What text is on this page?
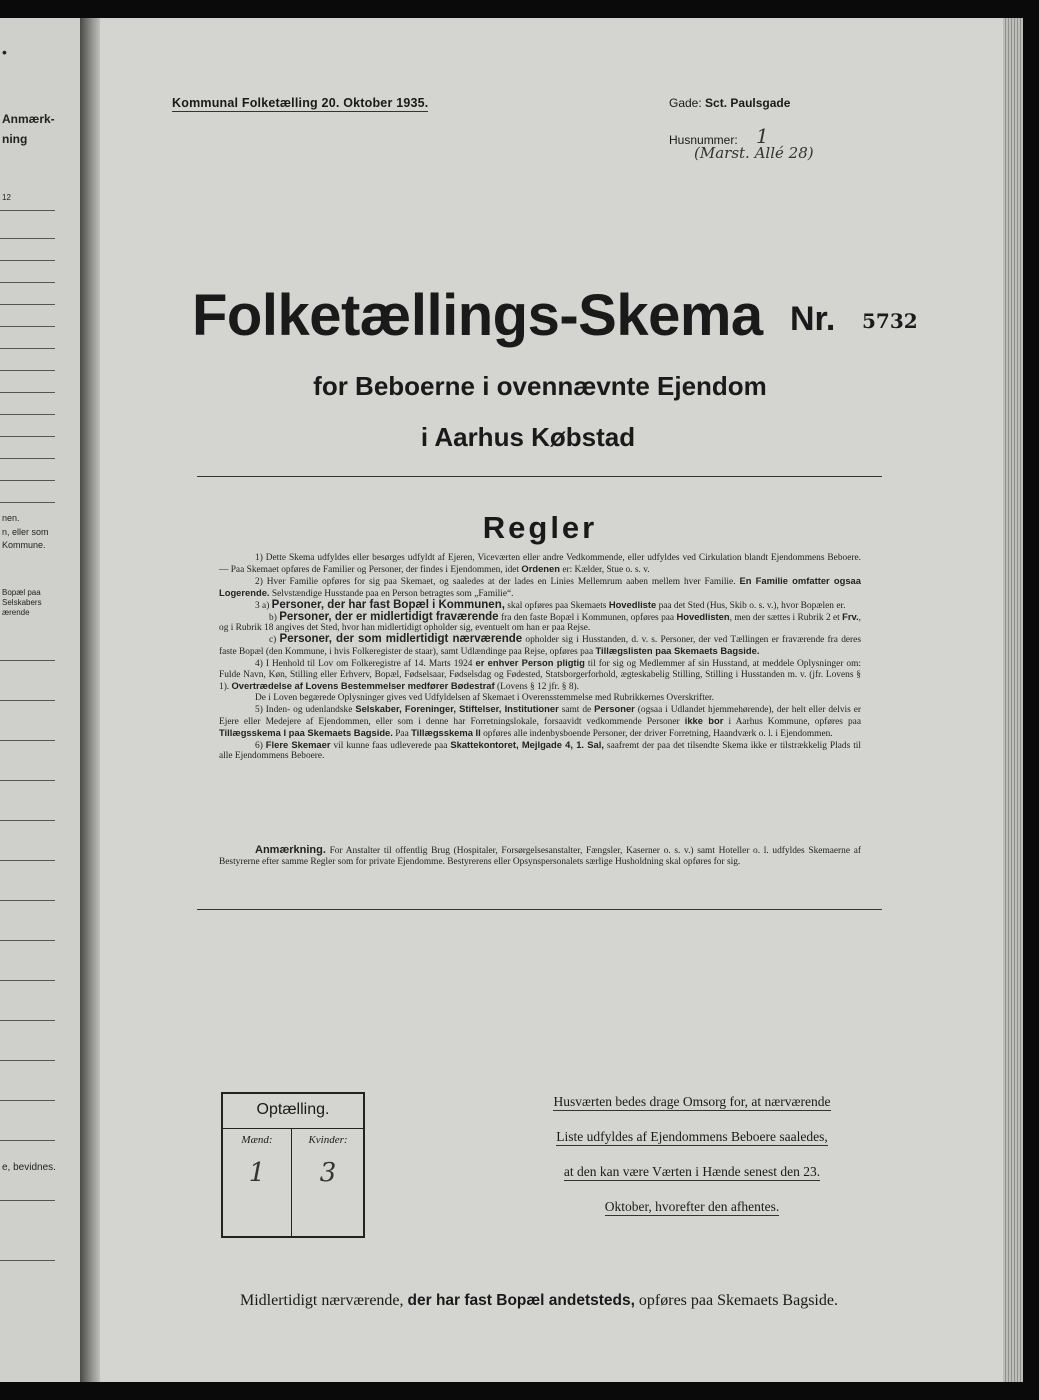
•
Anmærk-
ning
12
nen.
n, eller som
Kommune.
Bopæl paa
Selskabers
ærende
e, bevidnes.
Kommunal Folketælling 20. Oktober 1935.	Gade: Sct. Paulsgade
Husnummer: 1
(Marst. Allé 28)
Folketællings-Skema Nr. 5732
for Beboerne i ovennævnte Ejendom
i Aarhus Købstad
Regler

1) Dette Skema udfyldes eller besørges udfyldt af Ejeren, Viceværten eller andre Vedkommende, eller udfyldes ved Cirkulation blandt Ejendommens Beboere. — Paa Skemaet opføres de Familier og Personer, der findes i Ejendommen, idet Ordenen er: Kælder, Stue o. s. v.

2) Hver Familie opføres for sig paa Skemaet, og saaledes at der lades en Linies Mellemrum aaben mellem hver Familie. En Familie omfatter ogsaa Logerende. Selvstændige Husstande paa en Person betragtes som „Familie“.

3 a) Personer, der har fast Bopæl i Kommunen, skal opføres paa Skemaets Hovedliste paa det Sted (Hus, Skib o. s. v.), hvor Bopælen er.

b) Personer, der er midlertidigt fraværende fra den faste Bopæl i Kommunen, opføres paa Hovedlisten, men der sættes i Rubrik 2 et Frv., og i Rubrik 18 angives det Sted, hvor han midlertidigt opholder sig, eventuelt om han er paa Rejse.

c) Personer, der som midlertidigt nærværende opholder sig i Husstanden, d. v. s. Personer, der ved Tællingen er fraværende fra deres faste Bopæl (den Kommune, i hvis Folkeregister de staar), samt Udlændinge paa Rejse, opføres paa Tillægslisten paa Skemaets Bagside.

4) I Henhold til Lov om Folkeregistre af 14. Marts 1924 er enhver Person pligtig til for sig og Medlemmer af sin Husstand, at meddele Oplysninger om: Fulde Navn, Køn, Stilling eller Erhverv, Bopæl, Fødselsaar, Fødselsdag og Fødested, Statsborgerforhold, ægteskabelig Stilling, Stilling i Husstanden m. v. (jfr. Lovens § 1). Overtrædelse af Lovens Bestemmelser medfører Bødestraf (Lovens § 12 jfr. § 8).

De i Loven begærede Oplysninger gives ved Udfyldelsen af Skemaet i Overensstemmelse med Rubrikkernes Overskrifter.

5) Inden- og udenlandske Selskaber, Foreninger, Stiftelser, Institutioner samt de Personer (ogsaa i Udlandet hjemmehørende), der helt eller delvis er Ejere eller Medejere af Ejendommen, eller som i denne har Forretningslokale, forsaavidt vedkommende Personer ikke bor i Aarhus Kommune, opføres paa Tillægsskema I paa Skemaets Bagside. Paa Tillægsskema II opføres alle indenbysboende Personer, der driver Forretning, Haandværk o. l. i Ejendommen.

6) Flere Skemaer vil kunne faas udleverede paa Skattekontoret, Mejlgade 4, 1. Sal, saafremt der paa det tilsendte Skema ikke er tilstrækkelig Plads til alle Ejendommens Beboere.

Anmærkning. For Anstalter til offentlig Brug (Hospitaler, Forsørgelsesanstalter, Fængsler, Kaserner o. s. v.) samt Hoteller o. l. udfyldes Skemaerne af Bestyrerne efter samme Regler som for private Ejendomme. Bestyrerens eller Opsynspersonalets særlige Husholdning skal opføres for sig.

Optælling.
Mænd:	Kvinder:
1	3
Husværten bedes drage Omsorg for, at nærværende
Liste udfyldes af Ejendommens Beboere saaledes,
at den kan være Værten i Hænde senest den 23.
Oktober, hvorefter den afhentes.
Midlertidigt nærværende, der har fast Bopæl andetsteds, opføres paa Skemaets Bagside.
